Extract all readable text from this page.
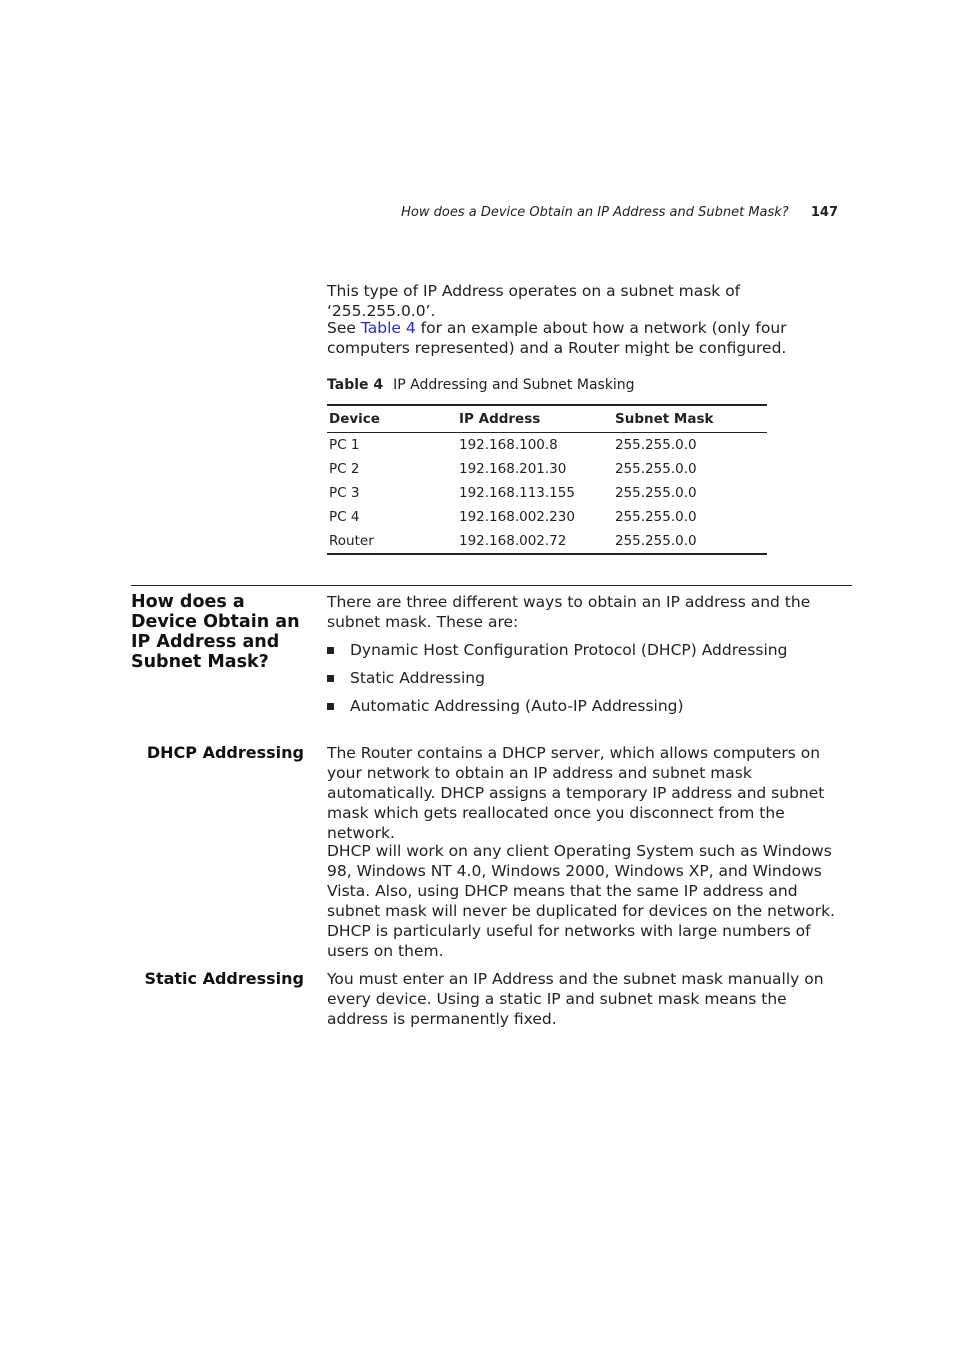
How does a Device Obtain an IP Address and Subnet Mask? 147
This type of IP Address operates on a subnet mask of ‘255.255.0.0’.
See Table 4 for an example about how a network (only four computers represented) and a Router might be configured.
Table 4 IP Addressing and Subnet Masking
Device	IP Address	Subnet Mask
PC 1	192.168.100.8	255.255.0.0
PC 2	192.168.201.30	255.255.0.0
PC 3	192.168.113.155	255.255.0.0
PC 4	192.168.002.230	255.255.0.0
Router	192.168.002.72	255.255.0.0
How does a Device Obtain an IP Address and Subnet Mask?
There are three different ways to obtain an IP address and the subnet mask. These are:
Dynamic Host Configuration Protocol (DHCP) Addressing
Static Addressing
Automatic Addressing (Auto-IP Addressing)
DHCP Addressing The Router contains a DHCP server, which allows computers on your network to obtain an IP address and subnet mask automatically. DHCP assigns a temporary IP address and subnet mask which gets reallocated once you disconnect from the network.
DHCP will work on any client Operating System such as Windows 98, Windows NT 4.0, Windows 2000, Windows XP, and Windows Vista. Also, using DHCP means that the same IP address and subnet mask will never be duplicated for devices on the network. DHCP is particularly useful for networks with large numbers of users on them.
Static Addressing You must enter an IP Address and the subnet mask manually on every device. Using a static IP and subnet mask means the address is permanently fixed.
